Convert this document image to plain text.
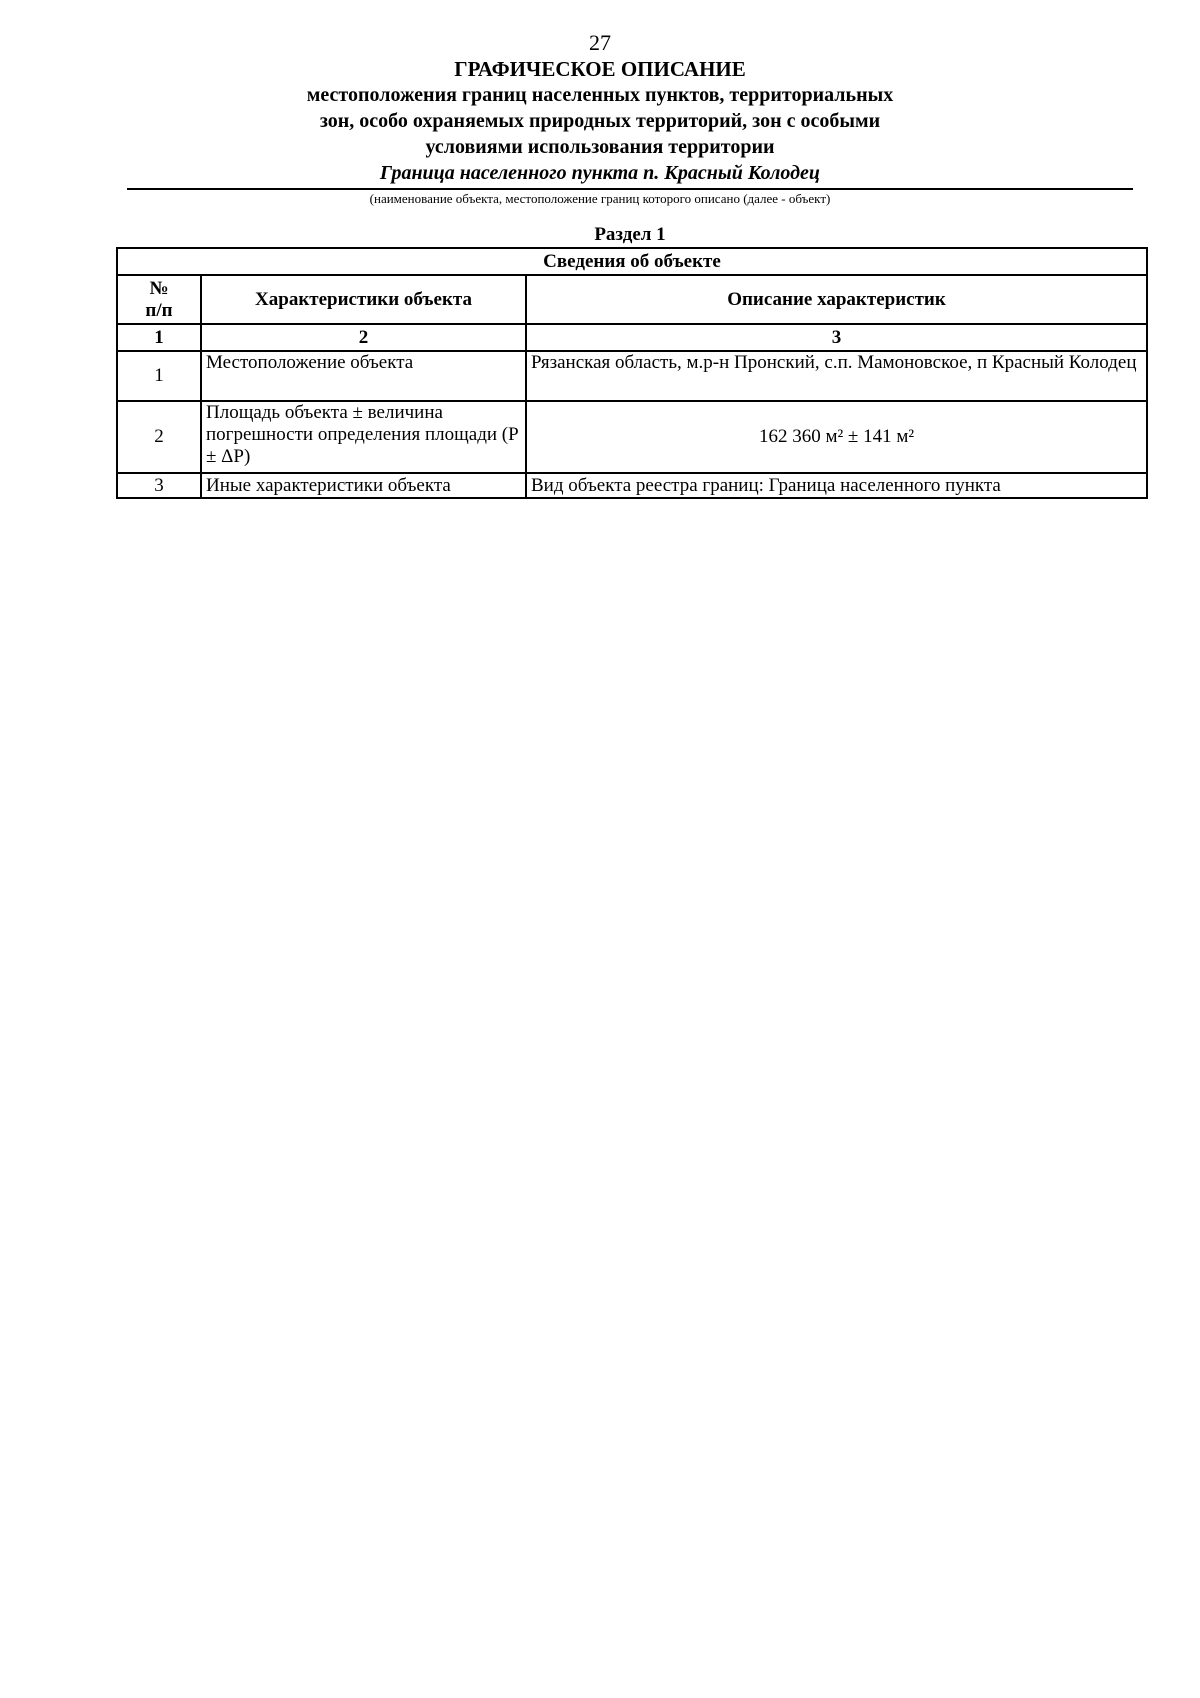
27
ГРАФИЧЕСКОЕ ОПИСАНИЕ
местоположения границ населенных пунктов, территориальных
зон, особо охраняемых природных территорий, зон с особыми
условиями использования территории
Граница населенного пункта п. Красный Колодец
(наименование объекта, местоположение границ которого описано (далее - объект)
Раздел 1
Сведения об объекте		
№
п/п	Характеристики объекта	Описание характеристик
1	2	3
1	Местоположение объекта	Рязанская область, м.р-н Пронский, с.п. Мамоновское, п Красный Колодец
2	Площадь объекта ± величина погрешности определения площади (P ± ΔP)	162 360 м² ± 141 м²
3	Иные характеристики объекта	Вид объекта реестра границ: Граница населенного пункта
